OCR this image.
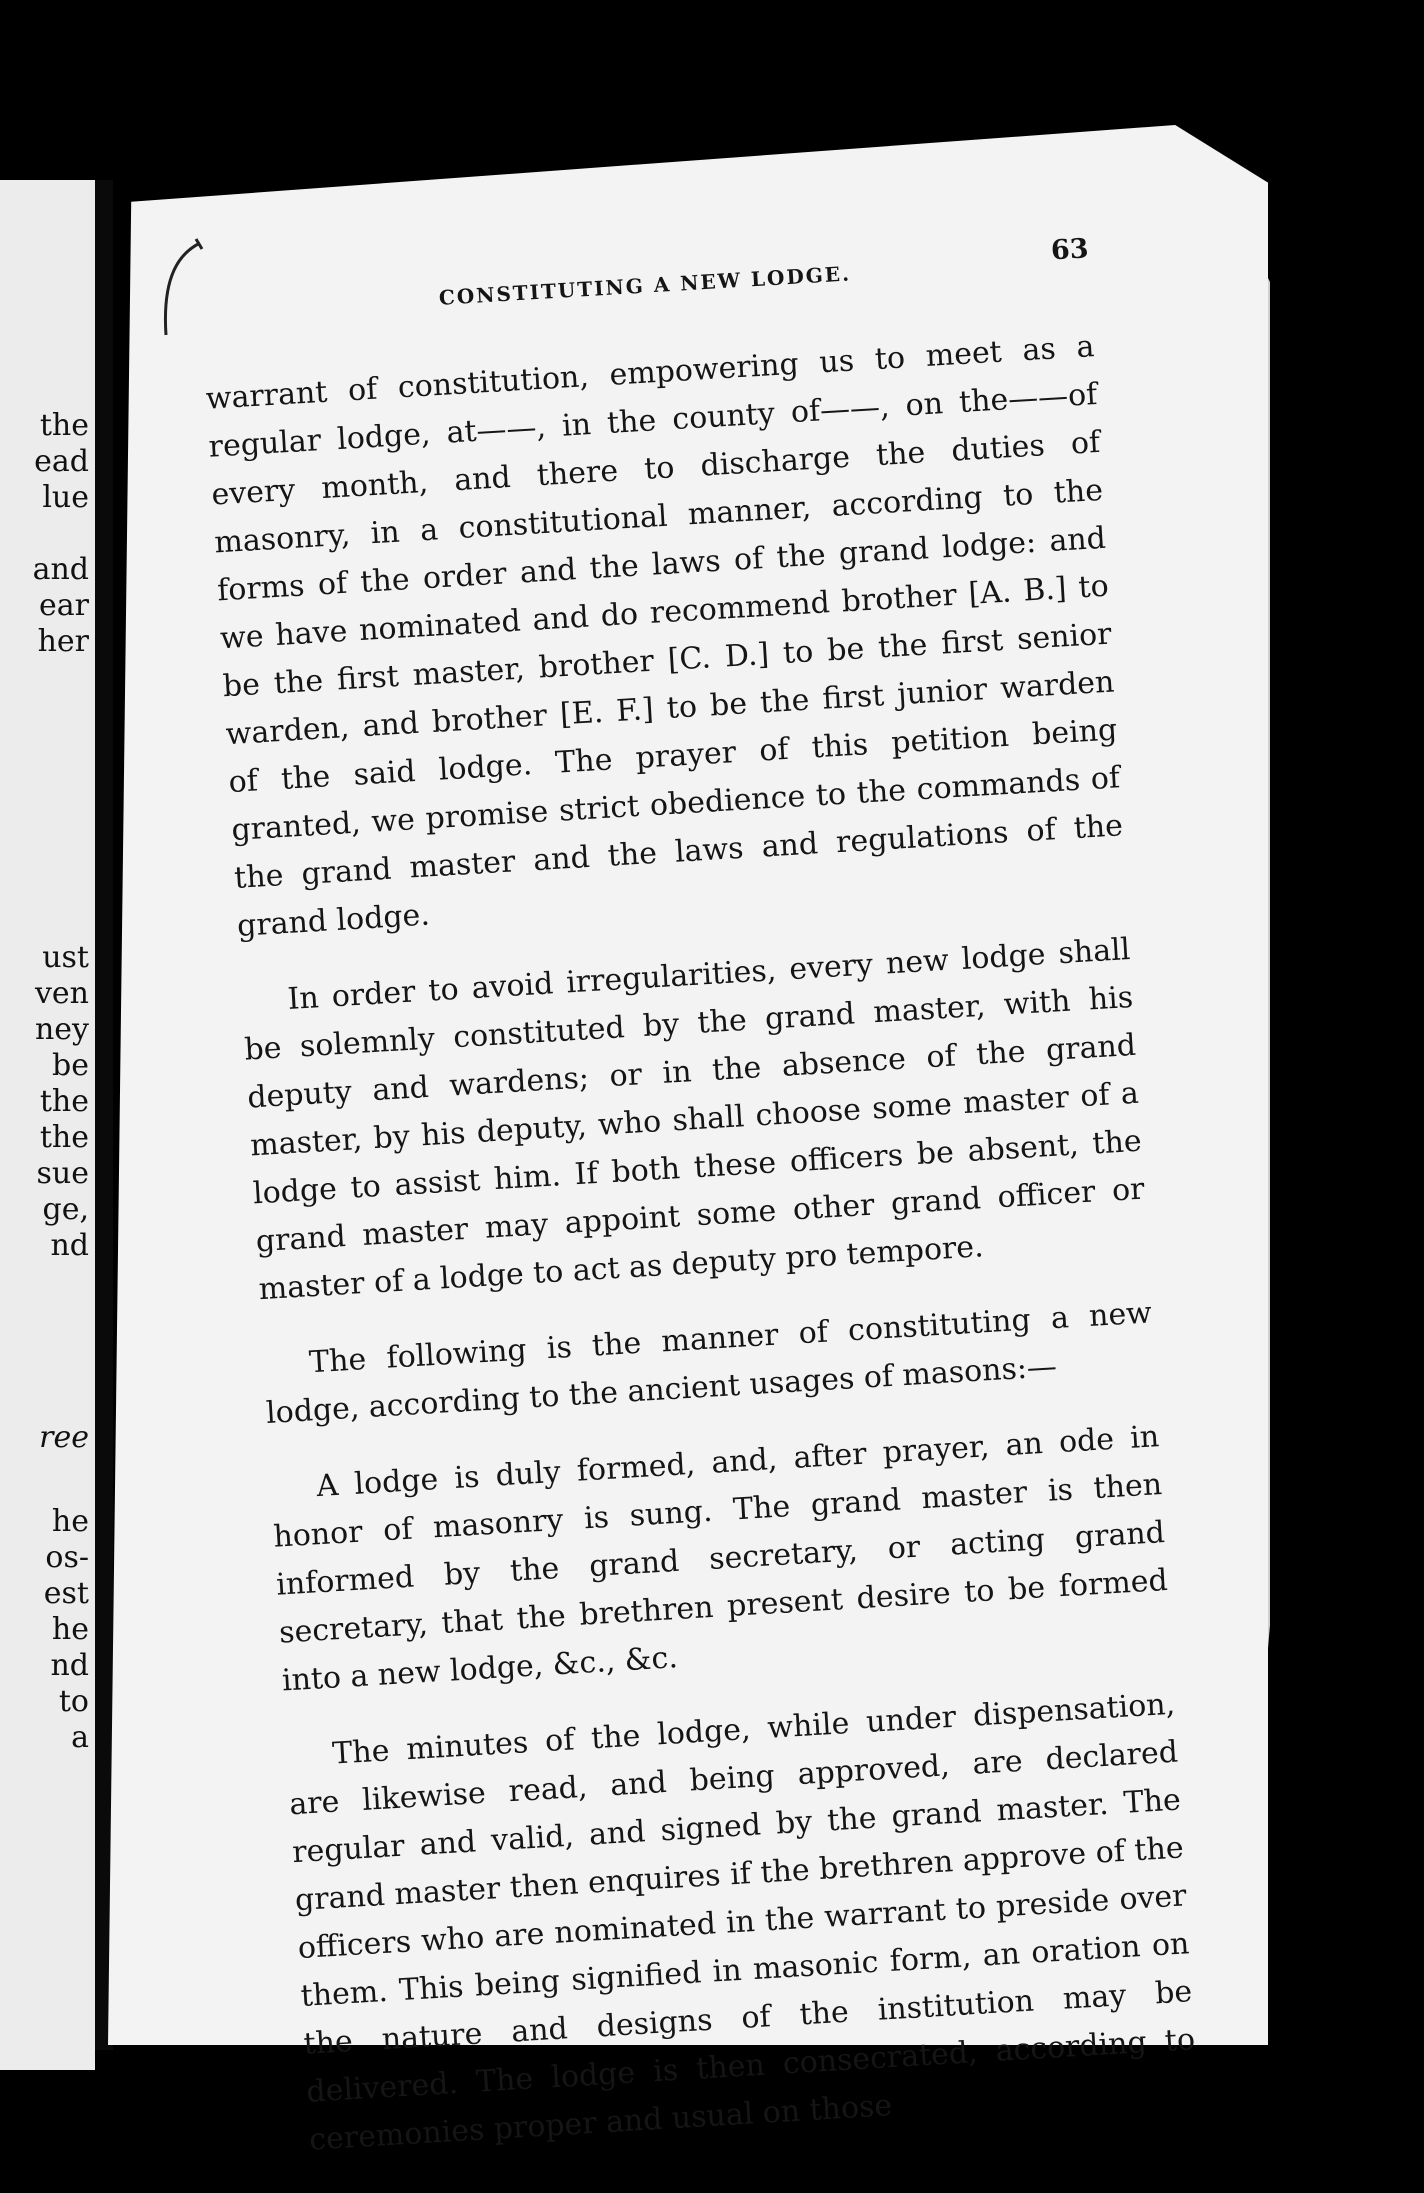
the

ead

lue

and

ear

her

ust

ven

ney

be

the

the

sue

ge,

nd

ree

he

os-

est

he

nd

to

a

CONSTITUTING A NEW LODGE.
63

warrant of constitution, empowering us to meet as a regular lodge, at——, in the county of——, on the——of every month, and there to discharge the duties of masonry, in a constitutional manner, according to the forms of the order and the laws of the grand lodge: and we have nominated and do recommend brother [A. B.] to be the first master, brother [C. D.] to be the first senior warden, and brother [E. F.] to be the first junior warden of the said lodge. The prayer of this petition being granted, we promise strict obedience to the commands of the grand master and the laws and regulations of the grand lodge.

In order to avoid irregularities, every new lodge shall be solemnly constituted by the grand master, with his deputy and wardens; or in the absence of the grand master, by his deputy, who shall choose some master of a lodge to assist him. If both these officers be absent, the grand master may appoint some other grand officer or master of a lodge to act as deputy pro tempore.

The following is the manner of constituting a new lodge, according to the ancient usages of masons:—

A lodge is duly formed, and, after prayer, an ode in honor of masonry is sung. The grand master is then informed by the grand secretary, or acting grand secretary, that the brethren present desire to be formed into a new lodge, &c., &c.

The minutes of the lodge, while under dispensation, are likewise read, and being approved, are declared regular and valid, and signed by the grand master. The grand master then enquires if the brethren approve of the officers who are nominated in the warrant to preside over them. This being signified in masonic form, an oration on the nature and designs of the institution may be delivered. The lodge is then consecrated, according to ceremonies proper and usual on those
